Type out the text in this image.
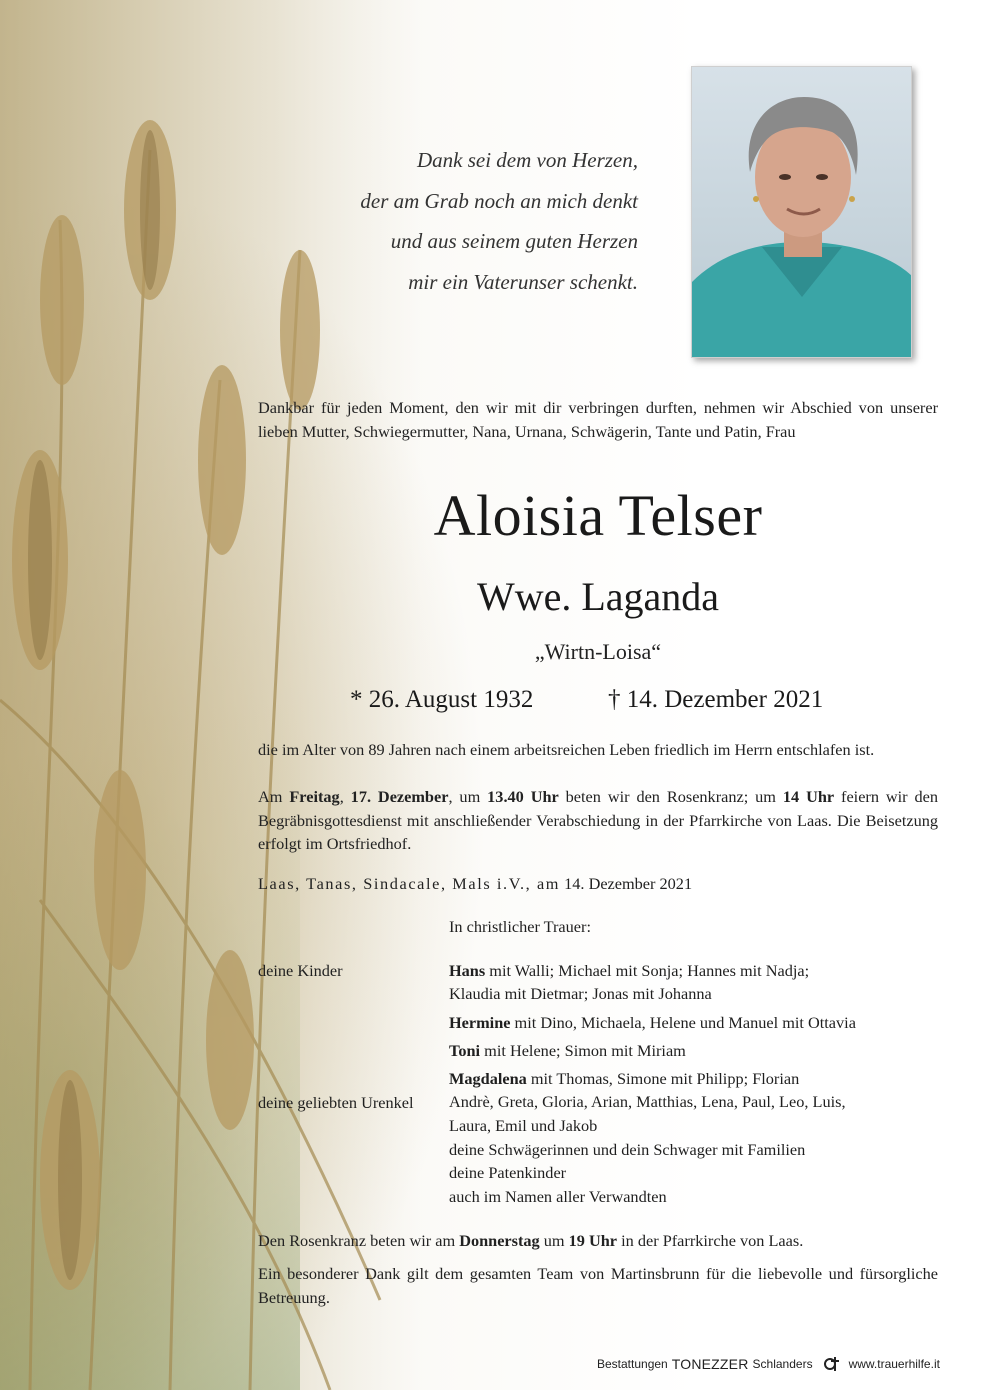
Dank sei dem von Herzen,
der am Grab noch an mich denkt
und aus seinem guten Herzen
mir ein Vaterunser schenkt.
Dankbar für jeden Moment, den wir mit dir verbringen durften, nehmen wir Abschied von unserer lieben Mutter, Schwiegermutter, Nana, Urnana, Schwägerin, Tante und Patin, Frau
Aloisia Telser
Wwe. Laganda
„Wirtn-Loisa“
* 26. August 1932	† 14. Dezember 2021
die im Alter von 89 Jahren nach einem arbeitsreichen Leben friedlich im Herrn entschlafen ist.
Am Freitag, 17. Dezember, um 13.40 Uhr beten wir den Rosenkranz; um 14 Uhr feiern wir den Begräbnisgottesdienst mit anschließender Verabschiedung in der Pfarrkirche von Laas. Die Beisetzung erfolgt im Ortsfriedhof.
Laas, Tanas, Sindacale, Mals i.V., am 14. Dezember 2021
In christlicher Trauer:
deine Kinder
deine geliebten Urenkel
Hans mit Walli; Michael mit Sonja; Hannes mit Nadja;
Klaudia mit Dietmar; Jonas mit Johanna
Hermine mit Dino, Michaela, Helene und Manuel mit Ottavia
Toni mit Helene; Simon mit Miriam
Magdalena mit Thomas, Simone mit Philipp; Florian
Andrè, Greta, Gloria, Arian, Matthias, Lena, Paul, Leo, Luis,
Laura, Emil und Jakob
deine Schwägerinnen und dein Schwager mit Familien
deine Patenkinder
auch im Namen aller Verwandten
Den Rosenkranz beten wir am Donnerstag um 19 Uhr in der Pfarrkirche von Laas.
Ein besonderer Dank gilt dem gesamten Team von Martinsbrunn für die liebevolle und fürsorgliche Betreuung.
Bestattungen TONEZZER Schlanders	www.trauerhilfe.it
